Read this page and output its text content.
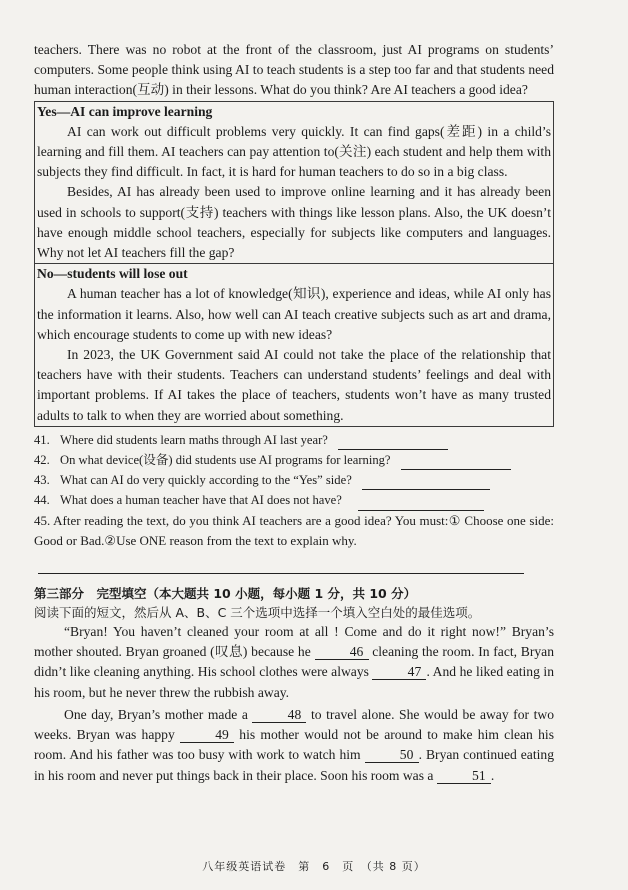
teachers. There was no robot at the front of the classroom, just AI programs on students’ computers. Some people think using AI to teach students is a step too far and that students need human interaction(互动) in their lessons. What do you think? Are AI teachers a good idea?

Yes—AI can improve learning

AI can work out difficult problems very quickly. It can find gaps(差距) in a child’s learning and fill them. AI teachers can pay attention to(关注) each student and help them with subjects they find difficult. In fact, it is hard for human teachers to do so in a big class.

Besides, AI has already been used to improve online learning and it has already been used in schools to support(支持) teachers with things like lesson plans. Also, the UK doesn’t have enough middle school teachers, especially for subjects like computers and languages. Why not let AI teachers fill the gap?

No—students will lose out

A human teacher has a lot of knowledge(知识), experience and ideas, while AI only has the information it learns. Also, how well can AI teach creative subjects such as art and drama, which encourage students to come up with new ideas?

In 2023, the UK Government said AI could not take the place of the relationship that teachers have with their students. Teachers can understand students’ feelings and deal with important problems. If AI takes the place of teachers, students won’t have as many trusted adults to talk to when they are worried about something.

41. Where did students learn maths through AI last year?
42. On what device(设备) did students use AI programs for learning?
43. What can AI do very quickly according to the “Yes” side?
44. What does a human teacher have that AI does not have?

45. After reading the text, do you think AI teachers are a good idea? You must:① Choose one side: Good or Bad.②Use ONE reason from the text to explain why.

第三部分　完型填空（本大题共 10 小题，每小题 1 分，共 10 分）
阅读下面的短文，然后从 A、B、C 三个选项中选择一个填入空白处的最佳选项。

“Bryan! You haven’t cleaned your room at all ! Come and do it right now!” Bryan’s mother shouted. Bryan groaned (叹息) because he	46 cleaning the room. In fact, Bryan didn’t like cleaning anything. His school clothes were always	47 . And he liked eating in his room, but he never threw the rubbish away.

One day, Bryan’s mother made a	48 to travel alone. She would be away for two weeks. Bryan was happy	49 his mother would not be around to make him clean his room. And his father was too busy with work to watch him	50 . Bryan continued eating in his room and never put things back in their place. Soon his room was a	51 .

八年级英语试卷　第　6　页　（共 8 页）
